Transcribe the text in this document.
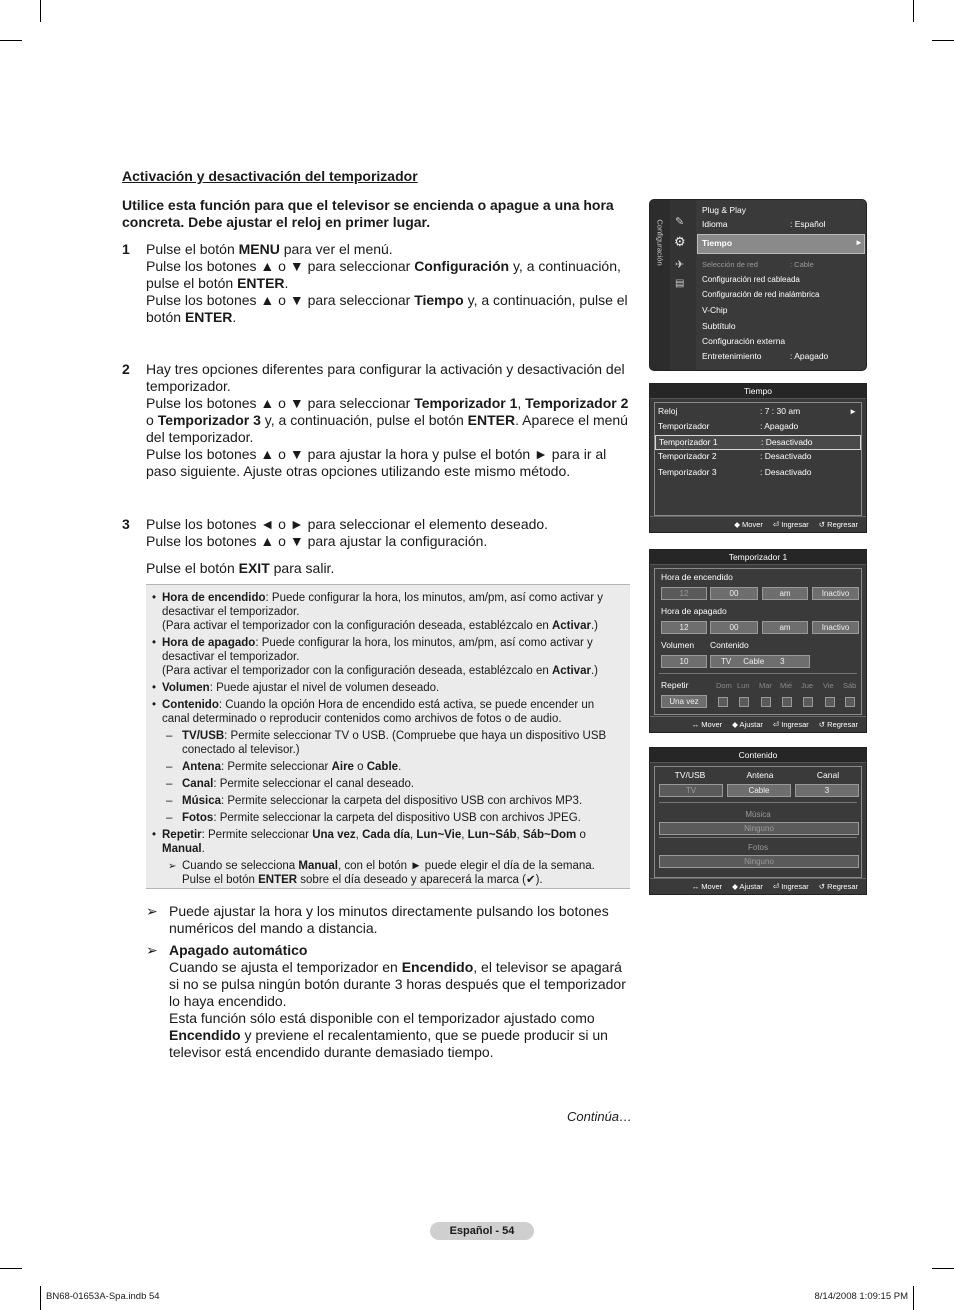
Activación y desactivación del temporizador
Utilice esta función para que el televisor se encienda o apague a una hora concreta. Debe ajustar el reloj en primer lugar.
1 Pulse el botón MENU para ver el menú.

Pulse los botones ▲ o ▼ para seleccionar Configuración y, a continuación, pulse el botón ENTER.

Pulse los botones ▲ o ▼ para seleccionar Tiempo y, a continuación, pulse el botón ENTER.

2 Hay tres opciones diferentes para configurar la activación y desactivación del temporizador.

Pulse los botones ▲ o ▼ para seleccionar Temporizador 1, Temporizador 2 o Temporizador 3 y, a continuación, pulse el botón ENTER. Aparece el menú del temporizador.

Pulse los botones ▲ o ▼ para ajustar la hora y pulse el botón ► para ir al paso siguiente. Ajuste otras opciones utilizando este mismo método.

3 Pulse los botones ◄ o ► para seleccionar el elemento deseado.

Pulse los botones ▲ o ▼ para ajustar la configuración.

Pulse el botón EXIT para salir.

• Hora de encendido: Puede configurar la hora, los minutos, am/pm, así como activar y desactivar el temporizador.
(Para activar el temporizador con la configuración deseada, establézcalo en Activar.)
• Hora de apagado: Puede configurar la hora, los minutos, am/pm, así como activar y desactivar el temporizador.
(Para activar el temporizador con la configuración deseada, establézcalo en Activar.)
• Volumen: Puede ajustar el nivel de volumen deseado.
• Contenido: Cuando la opción Hora de encendido está activa, se puede encender un canal determinado o reproducir contenidos como archivos de fotos o de audio.
– TV/USB: Permite seleccionar TV o USB. (Compruebe que haya un dispositivo USB conectado al televisor.)
– Antena: Permite seleccionar Aire o Cable.
– Canal: Permite seleccionar el canal deseado.
– Música: Permite seleccionar la carpeta del dispositivo USB con archivos MP3.
– Fotos: Permite seleccionar la carpeta del dispositivo USB con archivos JPEG.
• Repetir: Permite seleccionar Una vez, Cada día, Lun~Vie, Lun~Sáb, Sáb~Dom o Manual.
➢ Cuando se selecciona Manual, con el botón ► puede elegir el día de la semana. Pulse el botón ENTER sobre el día deseado y aparecerá la marca (✔).
➢ Puede ajustar la hora y los minutos directamente pulsando los botones numéricos del mando a distancia.

➢ Apagado automático

Cuando se ajusta el temporizador en Encendido, el televisor se apagará si no se pulsa ningún botón durante 3 horas después que el temporizador lo haya encendido.

Esta función sólo está disponible con el temporizador ajustado como Encendido y previene el recalentamiento, que se puede producir si un televisor está encendido durante demasiado tiempo.

Continúa…
Español - 54
BN68-01653A-Spa.indb 54	8/14/2008 1:09:15 PM
Configuración ✎
⚙
✈
▤
Tiempo	►
Plug & Play
Idioma	: Español
Selección de red	: Cable
Configuración red cableada
Configuración de red inalámbrica
V-Chip
Subtítulo
Configuración externa
Entretenimiento	: Apagado
Tiempo
Reloj	: 7 : 30 am	►
Temporizador	: Apagado
Temporizador 1	: Desactivado
Temporizador 2	: Desactivado
Temporizador 3	: Desactivado
◆ Mover ⏎ Ingresar ↺ Regresar
Temporizador 1
Hora de encendido
12	00	am	Inactivo
Hora de apagado
12	00	am	Inactivo
Volumen Contenido
10	TV Cable 3
Repetir
Una vez
Dom Lun Mar Mié Jue Vie Sáb
↔ Mover ◆ Ajustar ⏎ Ingresar ↺ Regresar
Contenido
TV/USB	Antena	Canal
TV	Cable	3
Música
Ninguno
Fotos
Ninguno
↔ Mover ◆ Ajustar ⏎ Ingresar ↺ Regresar
